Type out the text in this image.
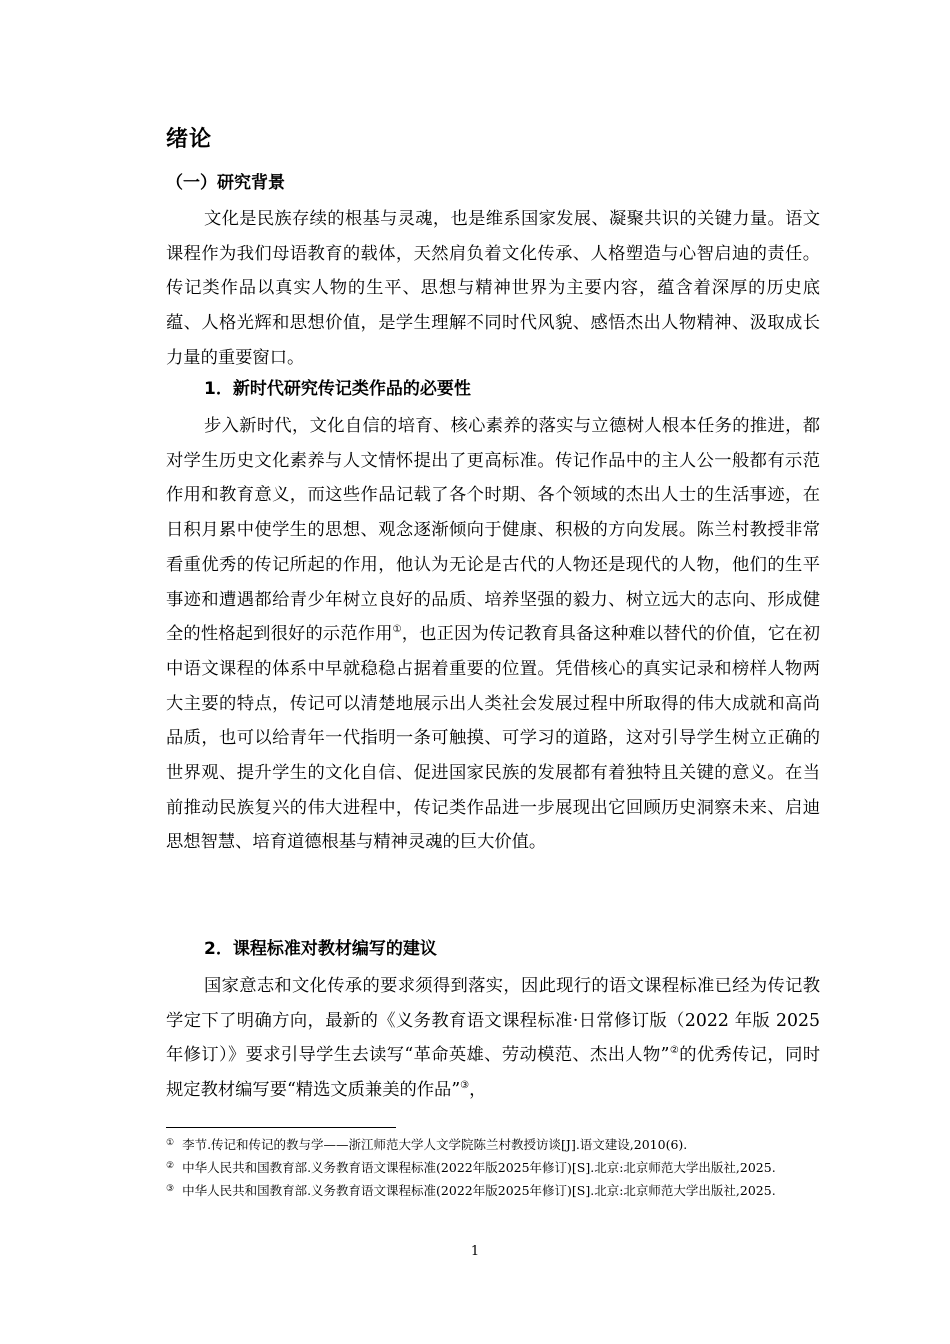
绪论
（一）研究背景

文化是民族存续的根基与灵魂，也是维系国家发展、凝聚共识的关键力量。语文课程作为我们母语教育的载体，天然肩负着文化传承、人格塑造与心智启迪的责任。传记类作品以真实人物的生平、思想与精神世界为主要内容，蕴含着深厚的历史底蕴、人格光辉和思想价值，是学生理解不同时代风貌、感悟杰出人物精神、汲取成长力量的重要窗口。

1．新时代研究传记类作品的必要性

步入新时代，文化自信的培育、核心素养的落实与立德树人根本任务的推进，都对学生历史文化素养与人文情怀提出了更高标准。传记作品中的主人公一般都有示范作用和教育意义，而这些作品记载了各个时期、各个领域的杰出人士的生活事迹，在日积月累中使学生的思想、观念逐渐倾向于健康、积极的方向发展。陈兰村教授非常看重优秀的传记所起的作用，他认为无论是古代的人物还是现代的人物，他们的生平事迹和遭遇都给青少年树立良好的品质、培养坚强的毅力、树立远大的志向、形成健全的性格起到很好的示范作用①，也正因为传记教育具备这种难以替代的价值，它在初中语文课程的体系中早就稳稳占据着重要的位置。凭借核心的真实记录和榜样人物两大主要的特点，传记可以清楚地展示出人类社会发展过程中所取得的伟大成就和高尚品质，也可以给青年一代指明一条可触摸、可学习的道路，这对引导学生树立正确的世界观、提升学生的文化自信、促进国家民族的发展都有着独特且关键的意义。在当前推动民族复兴的伟大进程中，传记类作品进一步展现出它回顾历史洞察未来、启迪思想智慧、培育道德根基与精神灵魂的巨大价值。

2．课程标准对教材编写的建议

国家意志和文化传承的要求须得到落实，因此现行的语文课程标准已经为传记教学定下了明确方向，最新的《义务教育语文课程标准·日常修订版（2022 年版 2025 年修订）》要求引导学生去读写“革命英雄、劳动模范、杰出人物”②的优秀传记，同时规定教材编写要“精选文质兼美的作品”③，

① 李节.传记和传记的教与学——浙江师范大学人文学院陈兰村教授访谈[J].语文建设,2010(6).
② 中华人民共和国教育部.义务教育语文课程标准(2022年版2025年修订)[S].北京:北京师范大学出版社,2025.
③ 中华人民共和国教育部.义务教育语文课程标准(2022年版2025年修订)[S].北京:北京师范大学出版社,2025.
1
